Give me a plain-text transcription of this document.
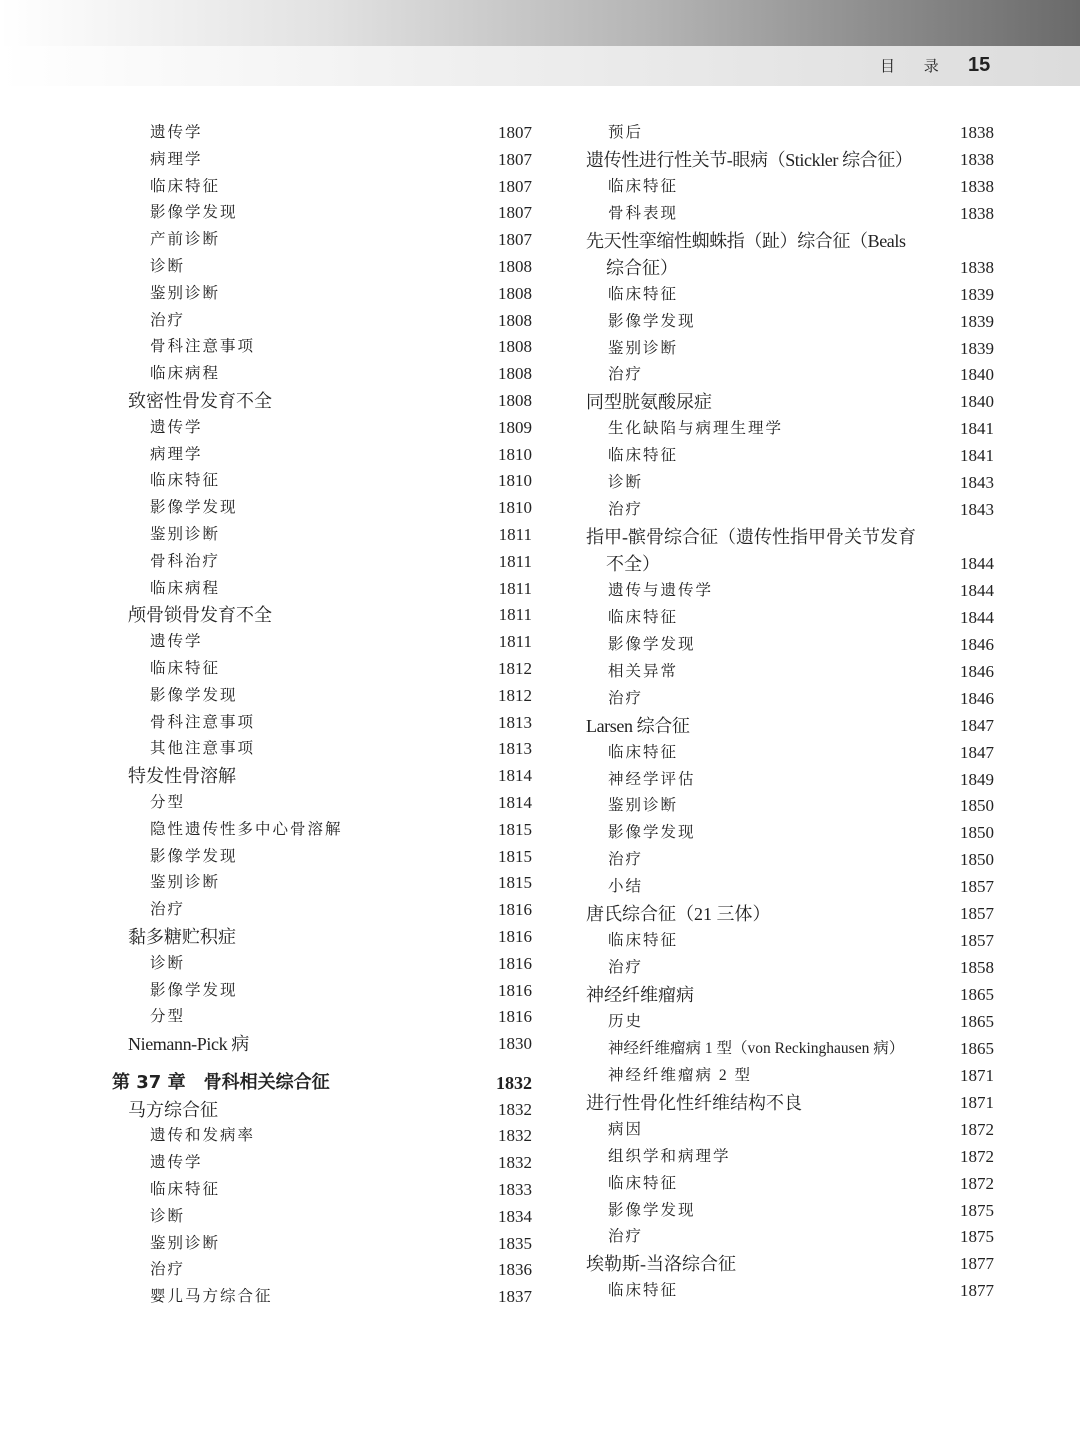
目 录 15
遗传学	1807
病理学	1807
临床特征	1807
影像学发现	1807
产前诊断	1807
诊断	1808
鉴别诊断	1808
治疗	1808
骨科注意事项	1808
临床病程	1808
致密性骨发育不全	1808
遗传学	1809
病理学	1810
临床特征	1810
影像学发现	1810
鉴别诊断	1811
骨科治疗	1811
临床病程	1811
颅骨锁骨发育不全	1811
遗传学	1811
临床特征	1812
影像学发现	1812
骨科注意事项	1813
其他注意事项	1813
特发性骨溶解	1814
分型	1814
隐性遗传性多中心骨溶解	1815
影像学发现	1815
鉴别诊断	1815
治疗	1816
黏多糖贮积症	1816
诊断	1816
影像学发现	1816
分型	1816
Niemann-Pick 病	1830
第 37 章　骨科相关综合征	1832
马方综合征	1832
遗传和发病率	1832
遗传学	1832
临床特征	1833
诊断	1834
鉴别诊断	1835
治疗	1836
婴儿马方综合征	1837
预后	1838
遗传性进行性关节-眼病（Stickler 综合征）	1838
临床特征	1838
骨科表现	1838
先天性挛缩性蜘蛛指（趾）综合征（Beals
综合征）	1838
临床特征	1839
影像学发现	1839
鉴别诊断	1839
治疗	1840
同型胱氨酸尿症	1840
生化缺陷与病理生理学	1841
临床特征	1841
诊断	1843
治疗	1843
指甲-髌骨综合征（遗传性指甲骨关节发育
不全）	1844
遗传与遗传学	1844
临床特征	1844
影像学发现	1846
相关异常	1846
治疗	1846
Larsen 综合征	1847
临床特征	1847
神经学评估	1849
鉴别诊断	1850
影像学发现	1850
治疗	1850
小结	1857
唐氏综合征（21 三体）	1857
临床特征	1857
治疗	1858
神经纤维瘤病	1865
历史	1865
神经纤维瘤病 1 型（von Reckinghausen 病）	1865
神经纤维瘤病 2 型	1871
进行性骨化性纤维结构不良	1871
病因	1872
组织学和病理学	1872
临床特征	1872
影像学发现	1875
治疗	1875
埃勒斯-当洛综合征	1877
临床特征	1877
